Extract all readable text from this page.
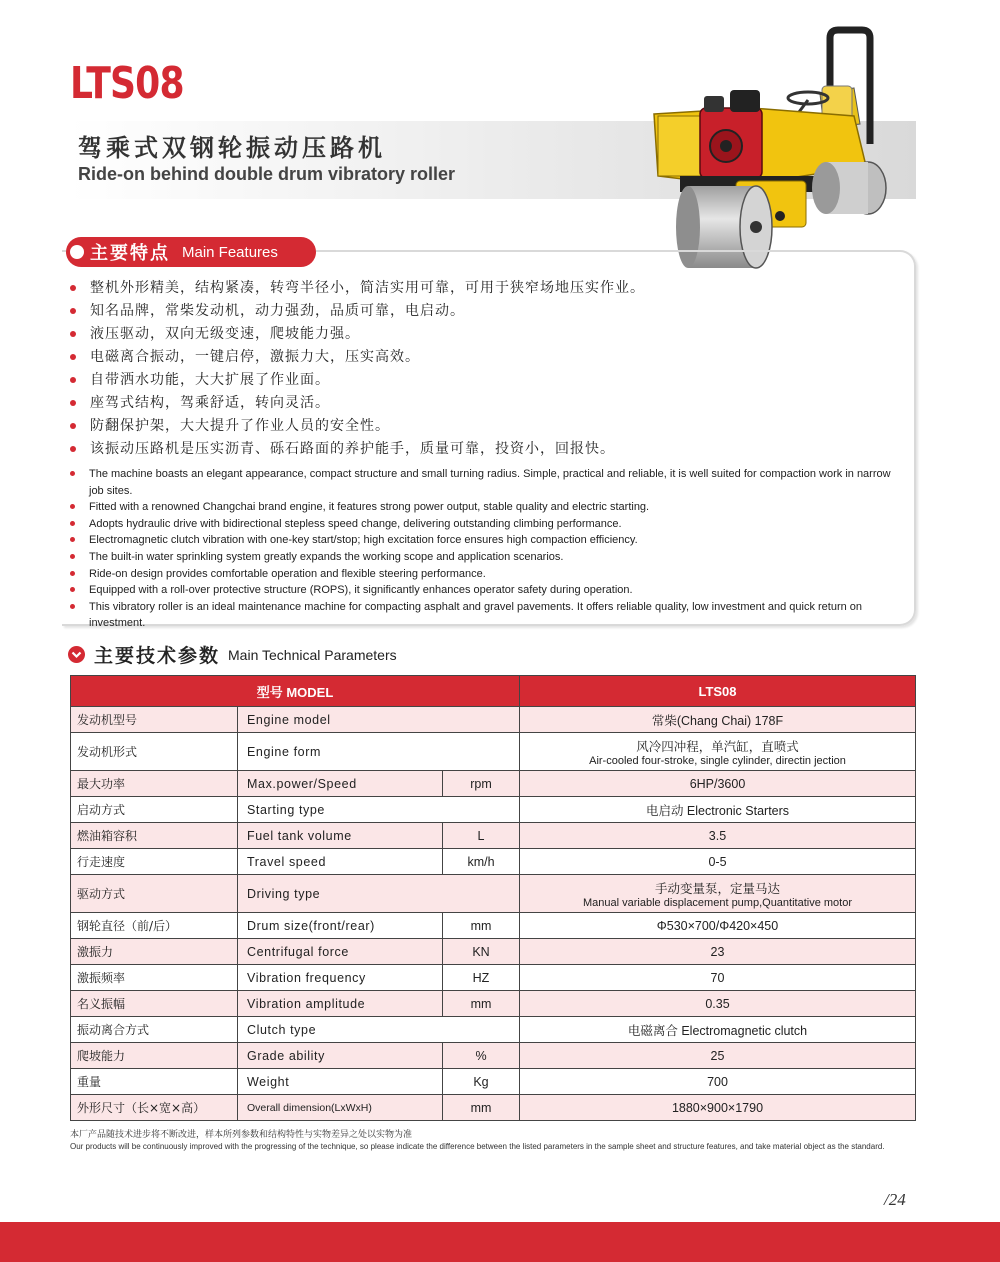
LTS08
驾乘式双钢轮振动压路机
Ride-on behind double drum vibratory roller
主要特点 Main Features
整机外形精美，结构紧凑，转弯半径小，简洁实用可靠，可用于狭窄场地压实作业。
知名品牌，常柴发动机，动力强劲，品质可靠，电启动。
液压驱动，双向无级变速，爬坡能力强。
电磁离合振动，一键启停，激振力大，压实高效。
自带洒水功能，大大扩展了作业面。
座驾式结构，驾乘舒适，转向灵活。
防翻保护架，大大提升了作业人员的安全性。
该振动压路机是压实沥青、砾石路面的养护能手，质量可靠，投资小，回报快。
The machine boasts an elegant appearance, compact structure and small turning radius. Simple, practical and reliable, it is well suited for compaction work in narrow job sites.
Fitted with a renowned Changchai brand engine, it features strong power output, stable quality and electric starting.
Adopts hydraulic drive with bidirectional stepless speed change, delivering outstanding climbing performance.
Electromagnetic clutch vibration with one-key start/stop; high excitation force ensures high compaction efficiency.
The built-in water sprinkling system greatly expands the working scope and application scenarios.
Ride-on design provides comfortable operation and flexible steering performance.
Equipped with a roll-over protective structure (ROPS), it significantly enhances operator safety during operation.
This vibratory roller is an ideal maintenance machine for compacting asphalt and gravel pavements. It offers reliable quality, low investment and quick return on investment.
主要技术参数 Main Technical Parameters
型号 MODEL			LTS08
发动机型号	Engine model		常柴(Chang Chai) 178F
发动机形式	Engine form		风冷四冲程，单汽缸，直喷式
Air-cooled four-stroke, single cylinder, directin jection

最大功率	Max.power/Speed	rpm	6HP/3600
启动方式	Starting type		电启动 Electronic Starters
燃油箱容积	Fuel tank volume	L	3.5
行走速度	Travel speed	km/h	0-5
驱动方式	Driving type		手动变量泵，定量马达
Manual variable displacement pump,Quantitative motor

钢轮直径（前/后）	Drum size(front/rear)	mm	Φ530×700/Φ420×450
激振力	Centrifugal force	KN	23
激振频率	Vibration frequency	HZ	70
名义振幅	Vibration amplitude	mm	0.35
振动离合方式	Clutch type		电磁离合 Electromagnetic clutch
爬坡能力	Grade ability	%	25
重量	Weight	Kg	700
外形尺寸（长×宽×高）	Overall dimension(LxWxH)	mm	1880×900×1790
本厂产品随技术进步将不断改进，样本所列参数和结构特性与实物差异之处以实物为准
Our products will be continuously improved with the progressing of the technique, so please indicate the difference between the listed parameters in the sample sheet and structure features, and take material object as the standard.
/24
